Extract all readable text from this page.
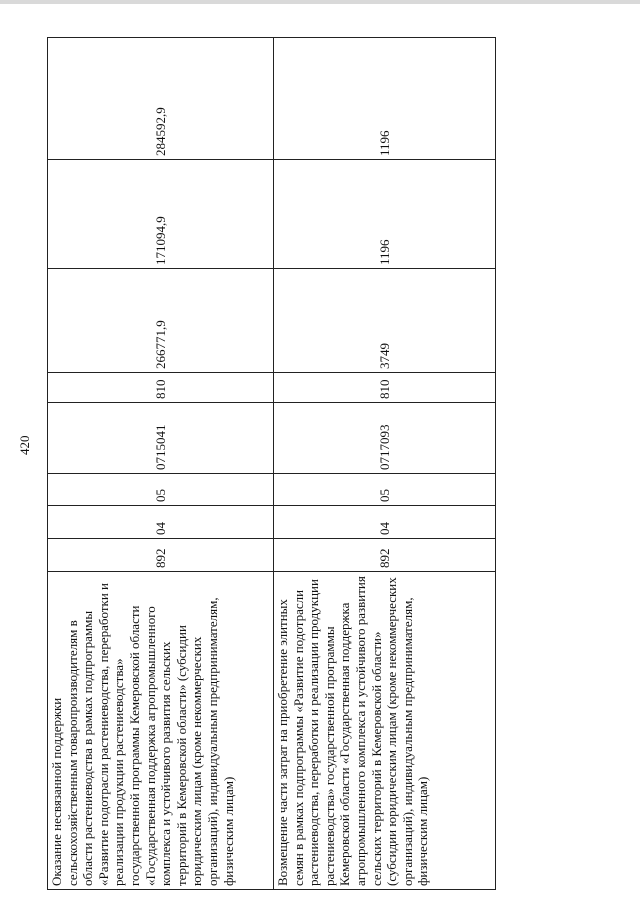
420
Оказание несвязанной поддержки сельскохозяйственным товаропроизводителям в области растениеводства в рамках подпрограммы «Развитие подотрасли растениеводства, переработки и реализации продукции растениеводства» государственной программы Кемеровской области «Государственная поддержка агропромышленного комплекса и устойчивого развития сельских территорий в Кемеровской области» (субсидии юридическим лицам (кроме некоммерческих организаций), индивидуальным предпринимателям, физическим лицам)	892	04	05	0715041	810	266771,9	171094,9	284592,9
Возмещение части затрат на приобретение элитных семян в рамках подпрограммы «Развитие подотрасли растениеводства, переработки и реализации продукции растениеводства» государственной программы Кемеровской области «Государственная поддержка агропромышленного комплекса и устойчивого развития сельских территорий в Кемеровской области» (субсидии юридическим лицам (кроме некоммерческих организаций), индивидуальным предпринимателям, физическим лицам)	892	04	05	0717093	810	3749	1196	1196
